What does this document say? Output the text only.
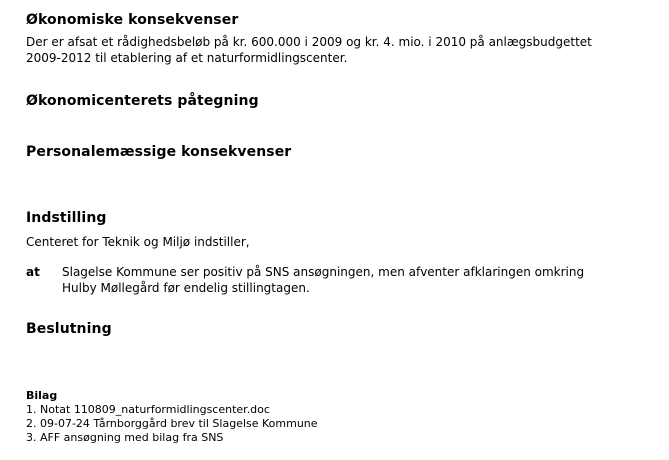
Økonomiske konsekvenser

Der er afsat et rådighedsbeløb på kr. 600.000 i 2009 og kr. 4. mio. i 2010 på anlægsbudgettet

2009-2012 til etablering af et naturformidlingscenter.

Økonomicenterets påtegning
Personalemæssige konsekvenser
Indstilling

Centeret for Teknik og Miljø indstiller,

at Slagelse Kommune ser positiv på SNS ansøgningen, men afventer afklaringen omkring
Hulby Møllegård før endelig stillingtagen.
Beslutning
Bilag
1. Notat 110809_naturformidlingscenter.doc
2. 09-07-24 Tårnborggård brev til Slagelse Kommune
3. AFF ansøgning med bilag fra SNS
